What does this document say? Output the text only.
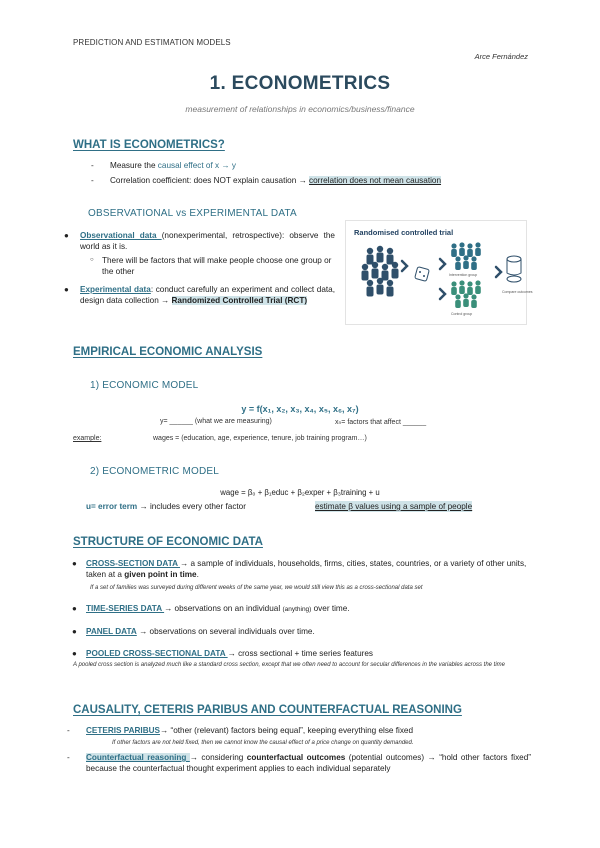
PREDICTION AND ESTIMATION MODELS
Arce Fernández
1. ECONOMETRICS
measurement of relationships in economics/business/finance
WHAT IS ECONOMETRICS?
- Measure the causal effect of x → y
- Correlation coefficient: does NOT explain causation → correlation does not mean causation
OBSERVATIONAL vs EXPERIMENTAL DATA
● Observational data (nonexperimental, retrospective): observe the world as it is.
○ There will be factors that will make people choose one group or the other
● Experimental data: conduct carefully an experiment and collect data, design data collection → Randomized Controlled Trial (RCT)
Randomised controlled trial
Intervention group
Control group
Compare outcomes
EMPIRICAL ECONOMIC ANALYSIS
1) ECONOMIC MODEL
y = f(x₁, x₂, x₃, x₄, x₅, x₆, x₇)
y= ______ (what we are measuring)	xₙ= factors that affect ______
example:	wages = (education, age, experience, tenure, job training program…)
2) ECONOMETRIC MODEL
wage = β₀ + β₁educ + β₂exper + β₃training + u
u= error term → includes every other factor	estimate β values using a sample of people
STRUCTURE OF ECONOMIC DATA
● CROSS-SECTION DATA → a sample of individuals, households, firms, cities, states, countries, or a variety of other units, taken at a given point in time.
If a set of families was surveyed during different weeks of the same year, we would still view this as a cross-sectional data set
● TIME-SERIES DATA → observations on an individual (anything) over time.
● PANEL DATA → observations on several individuals over time.
● POOLED CROSS-SECTIONAL DATA → cross sectional + time series features
A pooled cross section is analyzed much like a standard cross section, except that we often need to account for secular differences in the variables across the time
CAUSALITY, CETERIS PARIBUS AND COUNTERFACTUAL REASONING
- CETERIS PARIBUS→ “other (relevant) factors being equal”, keeping everything else fixed
If other factors are not held fixed, then we cannot know the causal effect of a price change on quantity demanded.
- Counterfactual reasoning → considering counterfactual outcomes (potential outcomes) → “hold other factors fixed” because the counterfactual thought experiment applies to each individual separately
